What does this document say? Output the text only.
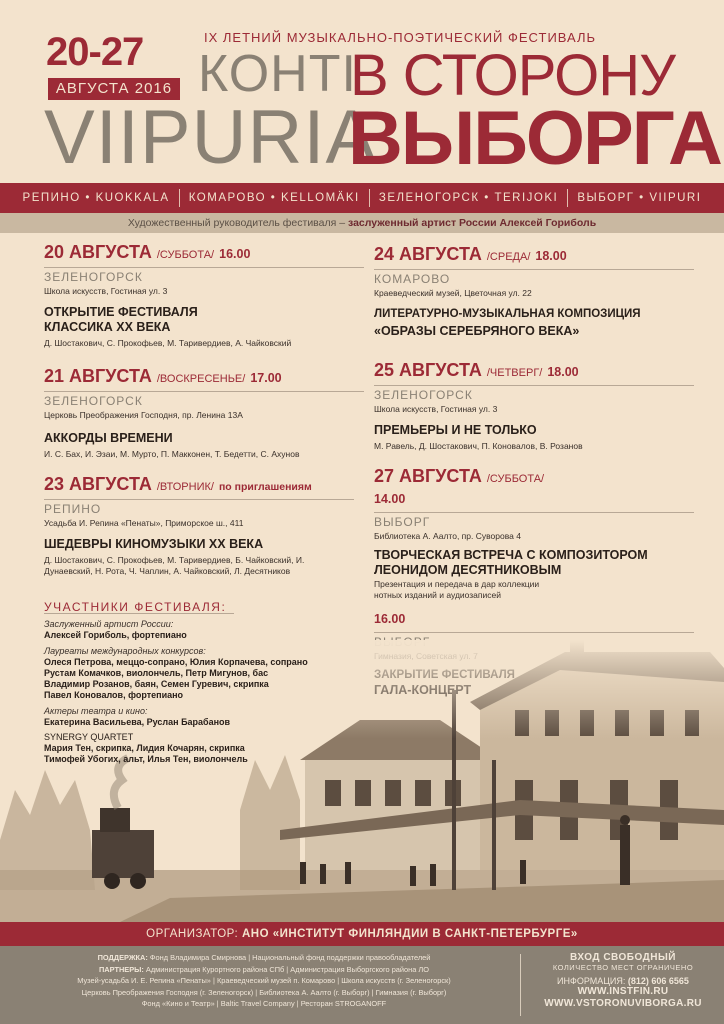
20-27
АВГУСТА 2016
IX ЛЕТНИЙ МУЗЫКАЛЬНО-ПОЭТИЧЕСКИЙ ФЕСТИВАЛЬ
КОНТІ
VIIPURIA
В СТОРОНУ
ВЫБОРГА
РЕПИНО • KUOKKALA КОМАРОВО • KELLOMÄKI ЗЕЛЕНОГОРСК • TERIJOKI ВЫБОРГ • VIIPURI
Художественный руководитель фестиваля – заслуженный артист России Алексей Гориболь
20 АВГУСТА /СУББОТА/ 16.00
ЗЕЛЕНОГОРСК
Школа искусств, Гостиная ул. 3
ОТКРЫТИЕ ФЕСТИВАЛЯ
КЛАССИКА ХХ ВЕКА
Д. Шостакович, С. Прокофьев, М. Таривердиев, А. Чайковский
21 АВГУСТА /ВОСКРЕСЕНЬЕ/ 17.00
ЗЕЛЕНОГОРСК
Церковь Преображения Господня, пр. Ленина 13А
АККОРДЫ ВРЕМЕНИ
И. С. Бах, И. Эзаи, М. Мурто, П. Макконен, Т. Бедетти, С. Ахунов
23 АВГУСТА /ВТОРНИК/ по приглашениям
РЕПИНО
Усадьба И. Репина «Пенаты», Приморское ш., 411
ШЕДЕВРЫ КИНОМУЗЫКИ ХХ ВЕКА
Д. Шостакович, С. Прокофьев, М. Таривердиев, Б. Чайковский, И. Дунаевский, Н. Рота, Ч. Чаплин, А. Чайковский, Л. Десятников
24 АВГУСТА /СРЕДА/ 18.00
КОМАРОВО
Краеведческий музей, Цветочная ул. 22
ЛИТЕРАТУРНО-МУЗЫКАЛЬНАЯ КОМПОЗИЦИЯ
«ОБРАЗЫ СЕРЕБРЯНОГО ВЕКА»
25 АВГУСТА /ЧЕТВЕРГ/ 18.00
ЗЕЛЕНОГОРСК
Школа искусств, Гостиная ул. 3
ПРЕМЬЕРЫ И НЕ ТОЛЬКО
М. Равель, Д. Шостакович, П. Коновалов, В. Розанов
27 АВГУСТА /СУББОТА/
14.00
ВЫБОРГ
Библиотека А. Аалто, пр. Суворова 4
ТВОРЧЕСКАЯ ВСТРЕЧА С КОМПОЗИТОРОМ
ЛЕОНИДОМ ДЕСЯТНИКОВЫМ
Презентация и передача в дар коллекции
нотных изданий и аудиозаписей
16.00
УЧАСТНИКИ ФЕСТИВАЛЯ:
Заслуженный артист России:
Алексей Гориболь, фортепиано
Лауреаты международных конкурсов:
Олеся Петрова, меццо-сопрано, Юлия Корпачева, сопрано
Рустам Комачков, виолончель, Петр Мигунов, бас
Владимир Розанов, баян, Семен Гуревич, скрипка
Павел Коновалов, фортепиано
Актеры театра и кино:
Екатерина Васильева, Руслан Барабанов
SYNERGY QUARTET
Мария Тен, скрипка, Лидия Кочарян, скрипка
Тимофей Убогих, альт, Илья Тен, виолончель
ОРГАНИЗАТОР: АНО «ИНСТИТУТ ФИНЛЯНДИИ В САНКТ-ПЕТЕРБУРГЕ»
ПОДДЕРЖКА: Фонд Владимира Смирнова | Национальный фонд поддержки правообладателей
ПАРТНЕРЫ: Администрация Курортного района СПб | Администрация Выборгского района ЛО
Музей-усадьба И. Е. Репина «Пенаты» | Краеведческий музей п. Комарово | Школа искусств (г. Зеленогорск)
Церковь Преображения Господня (г. Зеленогорск) | Библиотека А. Аалто (г. Выборг) | Гимназия (г. Выборг)
Фонд «Кино и Театр» | Baltic Travel Company | Ресторан STROGANOFF
ВХОД СВОБОДНЫЙ
КОЛИЧЕСТВО МЕСТ ОГРАНИЧЕНО
ИНФОРМАЦИЯ: (812) 606 6565
WWW.INSTFIN.RU
WWW.VSTORONUVIBORGA.RU
